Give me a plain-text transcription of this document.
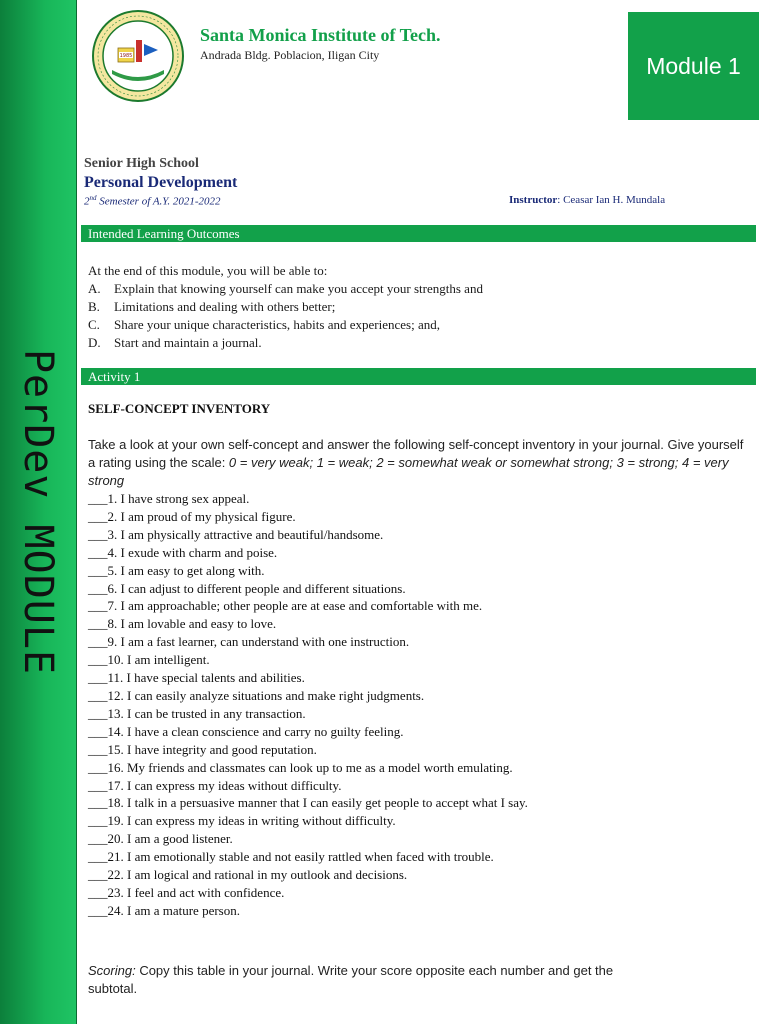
PerDev MODULE
1985
Santa Monica Institute of Tech.
Andrada Bldg. Poblacion, Iligan City	Module 1
Senior High School
Personal Development
2nd Semester of A.Y. 2021-2022	Instructor: Ceasar Ian H. Mundala
Intended Learning Outcomes
At the end of this module, you will be able to:
A.	Explain that knowing yourself can make you accept your strengths and
B.	Limitations and dealing with others better;
C.	Share your unique characteristics, habits and experiences; and,
D.	Start and maintain a journal.
Activity 1
SELF-CONCEPT INVENTORY
Take a look at your own self-concept and answer the following self-concept inventory in your journal. Give yourself a rating using the scale: 0 = very weak; 1 = weak; 2 = somewhat weak or somewhat strong; 3 = strong; 4 = very strong
___1. I have strong sex appeal.
___2. I am proud of my physical figure.
___3. I am physically attractive and beautiful/handsome.
___4. I exude with charm and poise.
___5. I am easy to get along with.
___6. I can adjust to different people and different situations.
___7. I am approachable; other people are at ease and comfortable with me.
___8. I am lovable and easy to love.
___9. I am a fast learner, can understand with one instruction.
___10. I am intelligent.
___11. I have special talents and abilities.
___12. I can easily analyze situations and make right judgments.
___13. I can be trusted in any transaction.
___14. I have a clean conscience and carry no guilty feeling.
___15. I have integrity and good reputation.
___16. My friends and classmates can look up to me as a model worth emulating.
___17. I can express my ideas without difficulty.
___18. I talk in a persuasive manner that I can easily get people to accept what I say.
___19. I can express my ideas in writing without difficulty.
___20. I am a good listener.
___21. I am emotionally stable and not easily rattled when faced with trouble.
___22. I am logical and rational in my outlook and decisions.
___23. I feel and act with confidence.
___24. I am a mature person.
Scoring: Copy this table in your journal. Write your score opposite each number and get the subtotal.
